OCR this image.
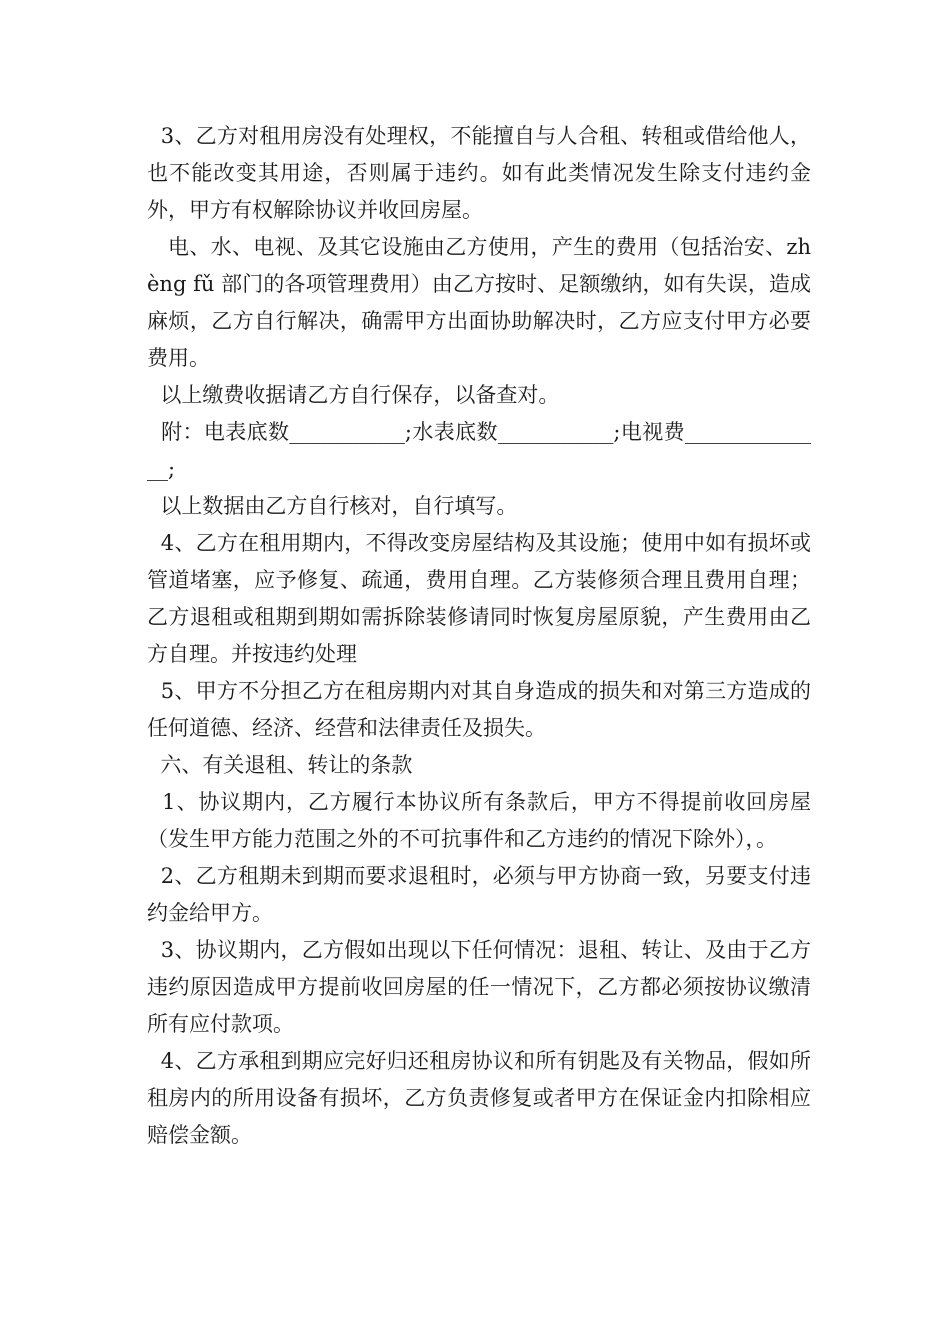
3、乙方对租用房没有处理权，不能擅自与人合租、转租或借给他人，也不能改变其用途，否则属于违约。如有此类情况发生除支付违约金外，甲方有权解除协议并收回房屋。

电、水、电视、及其它设施由乙方使用，产生的费用（包括治安、zhèng fǔ 部门的各项管理费用）由乙方按时、足额缴纳，如有失误，造成麻烦，乙方自行解决，确需甲方出面协助解决时，乙方应支付甲方必要费用。

以上缴费收据请乙方自行保存，以备查对。

附：电表底数___________;水表底数___________;电视费______________;

以上数据由乙方自行核对，自行填写。

4、乙方在租用期内，不得改变房屋结构及其设施；使用中如有损坏或管道堵塞，应予修复、疏通，费用自理。乙方装修须合理且费用自理；乙方退租或租期到期如需拆除装修请同时恢复房屋原貌，产生费用由乙方自理。并按违约处理

5、甲方不分担乙方在租房期内对其自身造成的损失和对第三方造成的任何道德、经济、经营和法律责任及损失。

六、有关退租、转让的条款

1、协议期内，乙方履行本协议所有条款后，甲方不得提前收回房屋（发生甲方能力范围之外的不可抗事件和乙方违约的情况下除外），。

2、乙方租期未到期而要求退租时，必须与甲方协商一致，另要支付违约金给甲方。

3、协议期内，乙方假如出现以下任何情况：退租、转让、及由于乙方违约原因造成甲方提前收回房屋的任一情况下，乙方都必须按协议缴清所有应付款项。

4、乙方承租到期应完好归还租房协议和所有钥匙及有关物品，假如所租房内的所用设备有损坏，乙方负责修复或者甲方在保证金内扣除相应赔偿金额。
